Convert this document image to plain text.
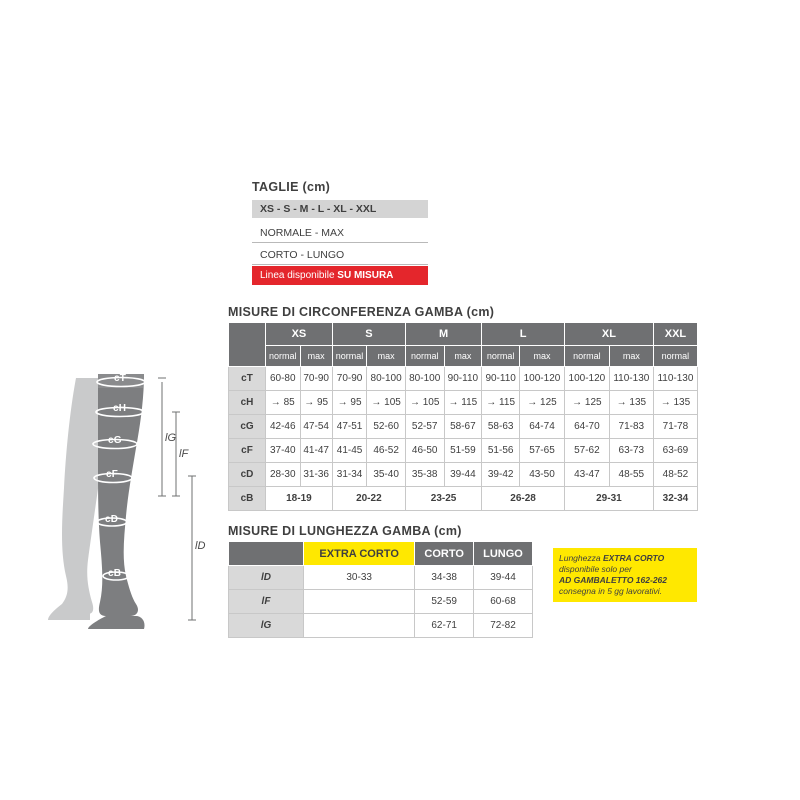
cT
cH
cG
cF
cD
cB
lG
lF
lD
TAGLIE (cm)
XS - S - M - L - XL - XXL
NORMALE - MAX
CORTO - LUNGO
Linea disponibile SU MISURA
MISURE DI CIRCONFERENZA GAMBA (cm)
	XS		S		M		L		XL		XXL
	normal	max	normal	max	normal	max	normal	max	normal	max	normal
cT	60-80	70-90	70-90	80-100	80-100	90-110	90-110	100-120	100-120	110-130	110-130
cH	→ 85	→ 95	→ 95	→ 105	→ 105	→ 115	→ 115	→ 125	→ 125	→ 135	→ 135
cG	42-46	47-54	47-51	52-60	52-57	58-67	58-63	64-74	64-70	71-83	71-78
cF	37-40	41-47	41-45	46-52	46-50	51-59	51-56	57-65	57-62	63-73	63-69
cD	28-30	31-36	31-34	35-40	35-38	39-44	39-42	43-50	43-47	48-55	48-52
cB	18-19		20-22		23-25		26-28		29-31		32-34
MISURE DI LUNGHEZZA GAMBA (cm)
	EXTRA CORTO	CORTO	LUNGO
lD	30-33	34-38	39-44
lF		52-59	60-68
lG		62-71	72-82
Lunghezza EXTRA CORTO
disponibile solo per
AD GAMBALETTO 162-262
consegna in 5 gg lavorativi.
